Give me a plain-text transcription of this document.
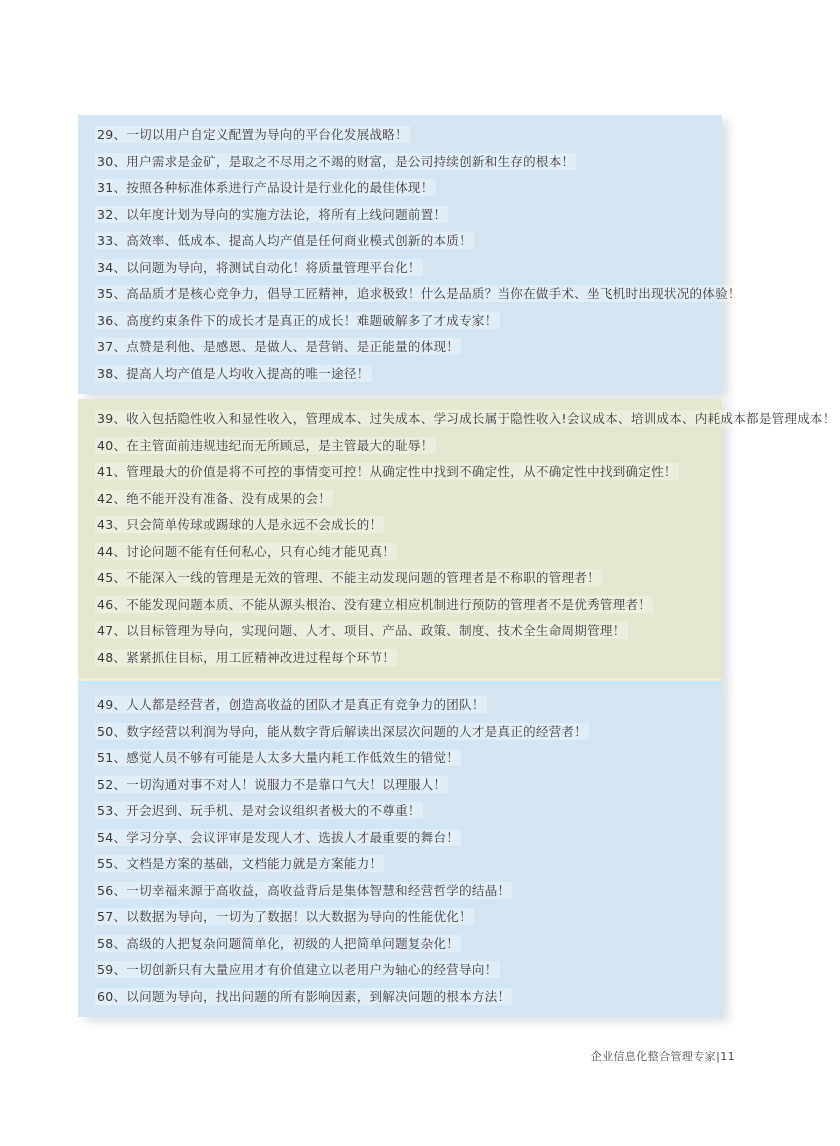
29、一切以用户自定义配置为导向的平台化发展战略！

30、用户需求是金矿，是取之不尽用之不竭的财富，是公司持续创新和生存的根本！

31、按照各种标准体系进行产品设计是行业化的最佳体现！

32、以年度计划为导向的实施方法论，将所有上线问题前置！

33、高效率、低成本、提高人均产值是任何商业模式创新的本质！

34、以问题为导向，将测试自动化！将质量管理平台化！

35、高品质才是核心竞争力，倡导工匠精神，追求极致！什么是品质？当你在做手术、坐飞机时出现状况的体验！

36、高度约束条件下的成长才是真正的成长！难题破解多了才成专家！

37、点赞是利他、是感恩、是做人、是营销、是正能量的体现！

38、提高人均产值是人均收入提高的唯一途径！

39、收入包括隐性收入和显性收入，管理成本、过失成本、学习成长属于隐性收入!会议成本、培训成本、内耗成本都是管理成本！

40、在主管面前违规违纪而无所顾忌，是主管最大的耻辱！

41、管理最大的价值是将不可控的事情变可控！从确定性中找到不确定性，从不确定性中找到确定性！

42、绝不能开没有准备、没有成果的会！

43、只会简单传球或踢球的人是永远不会成长的！

44、讨论问题不能有任何私心，只有心纯才能见真！

45、不能深入一线的管理是无效的管理、不能主动发现问题的管理者是不称职的管理者！

46、不能发现问题本质、不能从源头根治、没有建立相应机制进行预防的管理者不是优秀管理者！

47、以目标管理为导向，实现问题、人才、项目、产品、政策、制度、技术全生命周期管理！

48、紧紧抓住目标，用工匠精神改进过程每个环节！

49、人人都是经营者，创造高收益的团队才是真正有竞争力的团队！

50、数字经营以利润为导向，能从数字背后解读出深层次问题的人才是真正的经营者！

51、感觉人员不够有可能是人太多大量内耗工作低效生的错觉！

52、一切沟通对事不对人！说服力不是靠口气大！以理服人！

53、开会迟到、玩手机、是对会议组织者极大的不尊重！

54、学习分享、会议评审是发现人才、选拔人才最重要的舞台！

55、文档是方案的基础，文档能力就是方案能力！

56、一切幸福来源于高收益，高收益背后是集体智慧和经营哲学的结晶！

57、以数据为导向，一切为了数据！以大数据为导向的性能优化！

58、高级的人把复杂问题简单化，初级的人把简单问题复杂化！

59、一切创新只有大量应用才有价值建立以老用户为轴心的经营导向！

60、以问题为导向，找出问题的所有影响因素，到解决问题的根本方法！

企业信息化整合管理专家|11
